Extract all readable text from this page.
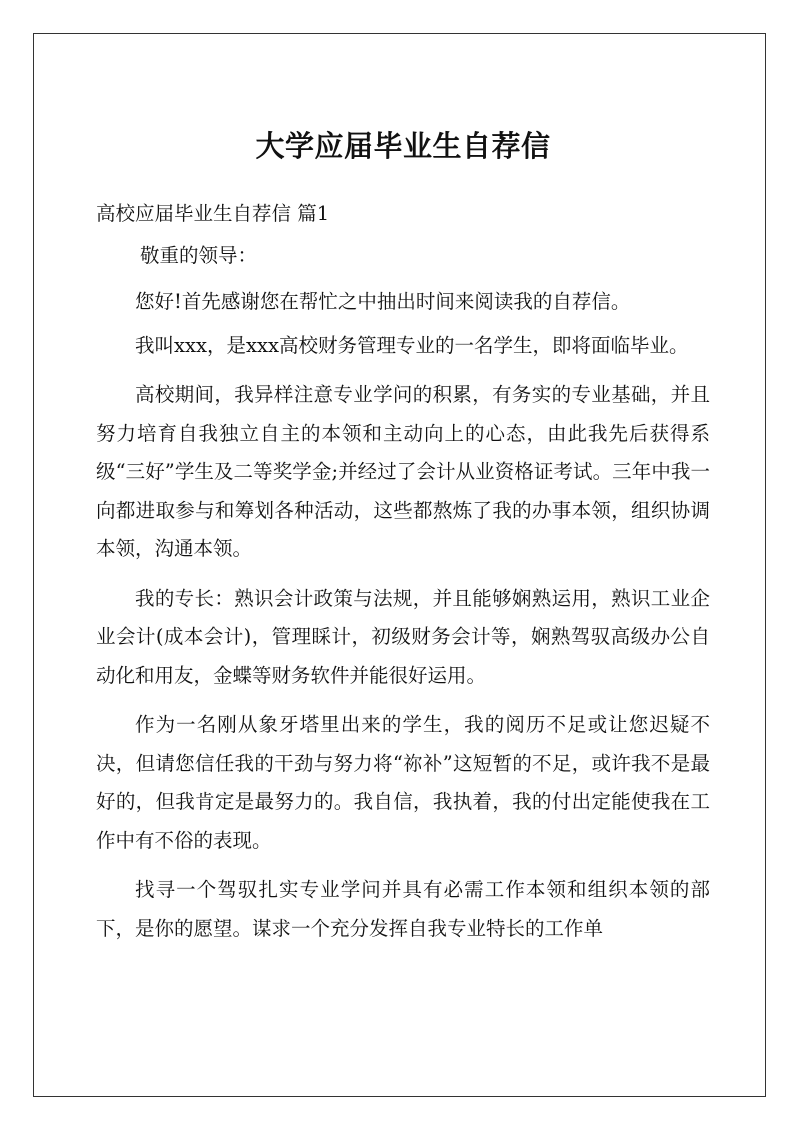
大学应届毕业生自荐信

高校应届毕业生自荐信 篇1

敬重的领导：

您好!首先感谢您在帮忙之中抽出时间来阅读我的自荐信。

我叫xxx，是xxx高校财务管理专业的一名学生，即将面临毕业。

高校期间，我异样注意专业学问的积累，有务实的专业基础，并且努力培育自我独立自主的本领和主动向上的心态，由此我先后获得系级“三好”学生及二等奖学金;并经过了会计从业资格证考试。三年中我一向都进取参与和筹划各种活动，这些都熬炼了我的办事本领，组织协调本领，沟通本领。

我的专长：熟识会计政策与法规，并且能够娴熟运用，熟识工业企业会计(成本会计)，管理睬计，初级财务会计等，娴熟驾驭高级办公自动化和用友，金蝶等财务软件并能很好运用。

作为一名刚从象牙塔里出来的学生，我的阅历不足或让您迟疑不决，但请您信任我的干劲与努力将“祢补”这短暂的不足，或许我不是最好的，但我肯定是最努力的。我自信，我执着，我的付出定能使我在工作中有不俗的表现。

找寻一个驾驭扎实专业学问并具有必需工作本领和组织本领的部下，是你的愿望。谋求一个充分发挥自我专业特长的工作单
